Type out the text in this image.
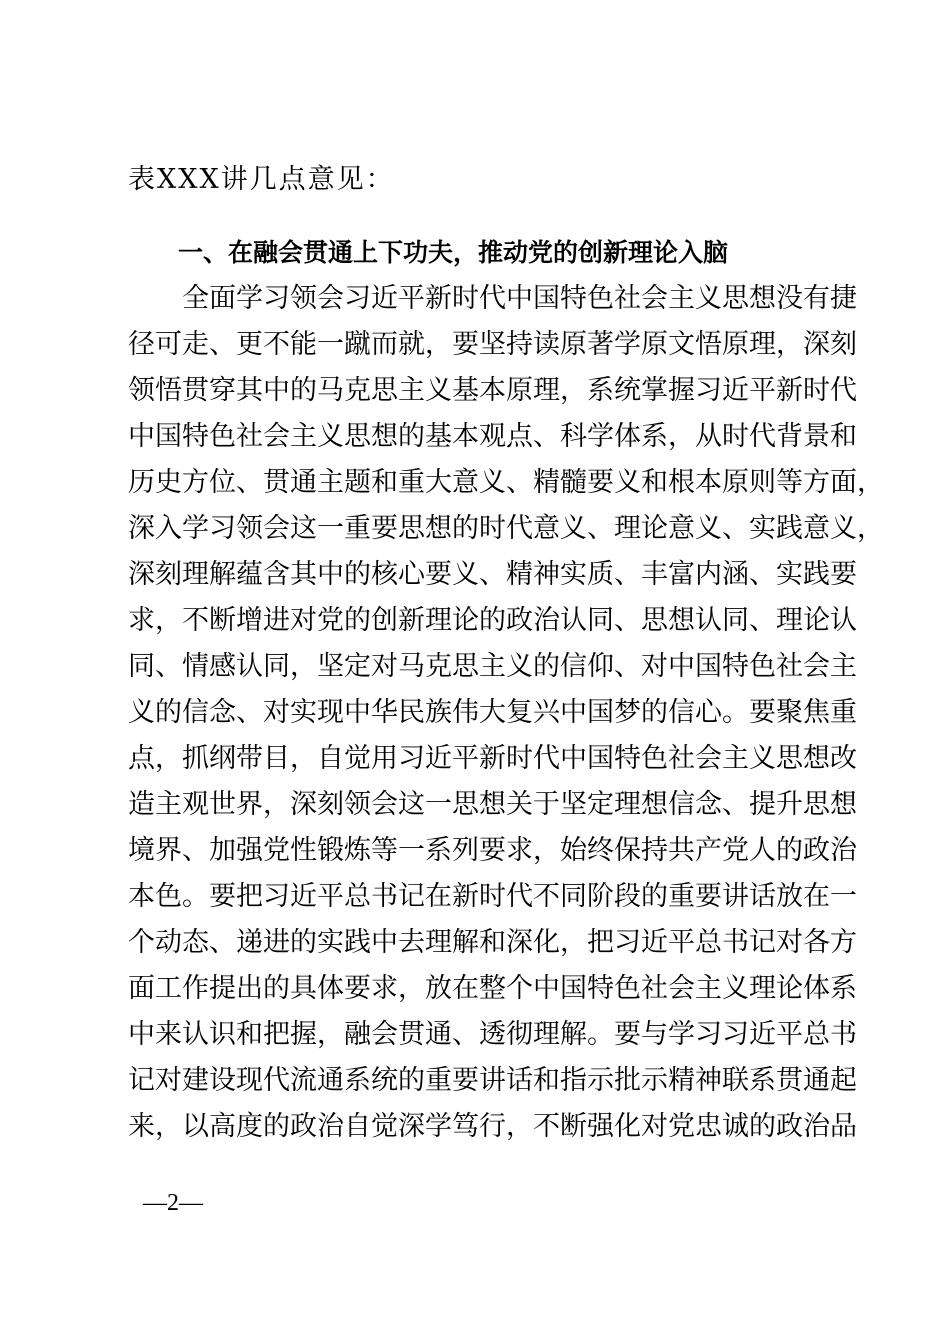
表XXX讲几点意见：
一、在融会贯通上下功夫，推动党的创新理论入脑
　　全面学习领会习近平新时代中国特色社会主义思想没有捷
径可走、更不能一蹴而就，要坚持读原著学原文悟原理，深刻
领悟贯穿其中的马克思主义基本原理，系统掌握习近平新时代
中国特色社会主义思想的基本观点、科学体系，从时代背景和
历史方位、贯通主题和重大意义、精髓要义和根本原则等方面，
深入学习领会这一重要思想的时代意义、理论意义、实践意义，
深刻理解蕴含其中的核心要义、精神实质、丰富内涵、实践要
求，不断增进对党的创新理论的政治认同、思想认同、理论认
同、情感认同，坚定对马克思主义的信仰、对中国特色社会主
义的信念、对实现中华民族伟大复兴中国梦的信心。要聚焦重
点，抓纲带目，自觉用习近平新时代中国特色社会主义思想改
造主观世界，深刻领会这一思想关于坚定理想信念、提升思想
境界、加强党性锻炼等一系列要求，始终保持共产党人的政治
本色。要把习近平总书记在新时代不同阶段的重要讲话放在一
个动态、递进的实践中去理解和深化，把习近平总书记对各方
面工作提出的具体要求，放在整个中国特色社会主义理论体系
中来认识和把握，融会贯通、透彻理解。要与学习习近平总书
记对建设现代流通系统的重要讲话和指示批示精神联系贯通起
来，以高度的政治自觉深学笃行，不断强化对党忠诚的政治品
—2—
